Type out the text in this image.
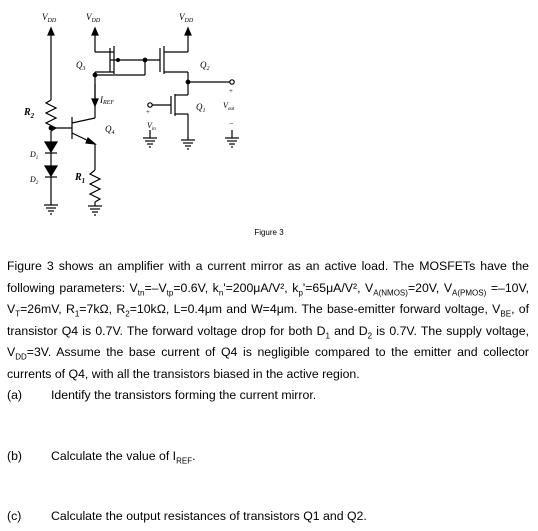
$V_{DD}$	$V_{DD}$	$V_{DD}$
$Q_3$	$Q_2$
$Q_1$
$Q_4$
IREF
+
$V_{in}$
+
$V_{out}$
−
$R_2$
$R_1$
$D_1$
$D_2$
Figure 3
Figure 3 shows an amplifier with a current mirror as an active load. The MOSFETs have the following parameters: $V_{tn}=-V_{tp}=0.6V$, $k_n'=200\mu A/V^2$, $k_p'=65\mu A/V^2$, $V_{A(NMOS)}=20V$, $V_{A(PMOS)} =-10V$, $V_T=26mV$, $R_1=7k\Omega$, $R_2=10k\Omega$, L=0.4μm and W=4μm. The base-emitter forward voltage, $V_{BE}$, of transistor Q4 is 0.7V. The forward voltage drop for both $D_1$ and $D_2$ is 0.7V. The supply voltage, $V_{DD}=3V$. Assume the base current of Q4 is negligible compared to the emitter and collector currents of Q4, with all the transistors biased in the active region.
(a) Identify the transistors forming the current mirror.
(b) Calculate the value of $I_{REF}$.
(c) Calculate the output resistances of transistors Q1 and Q2.
